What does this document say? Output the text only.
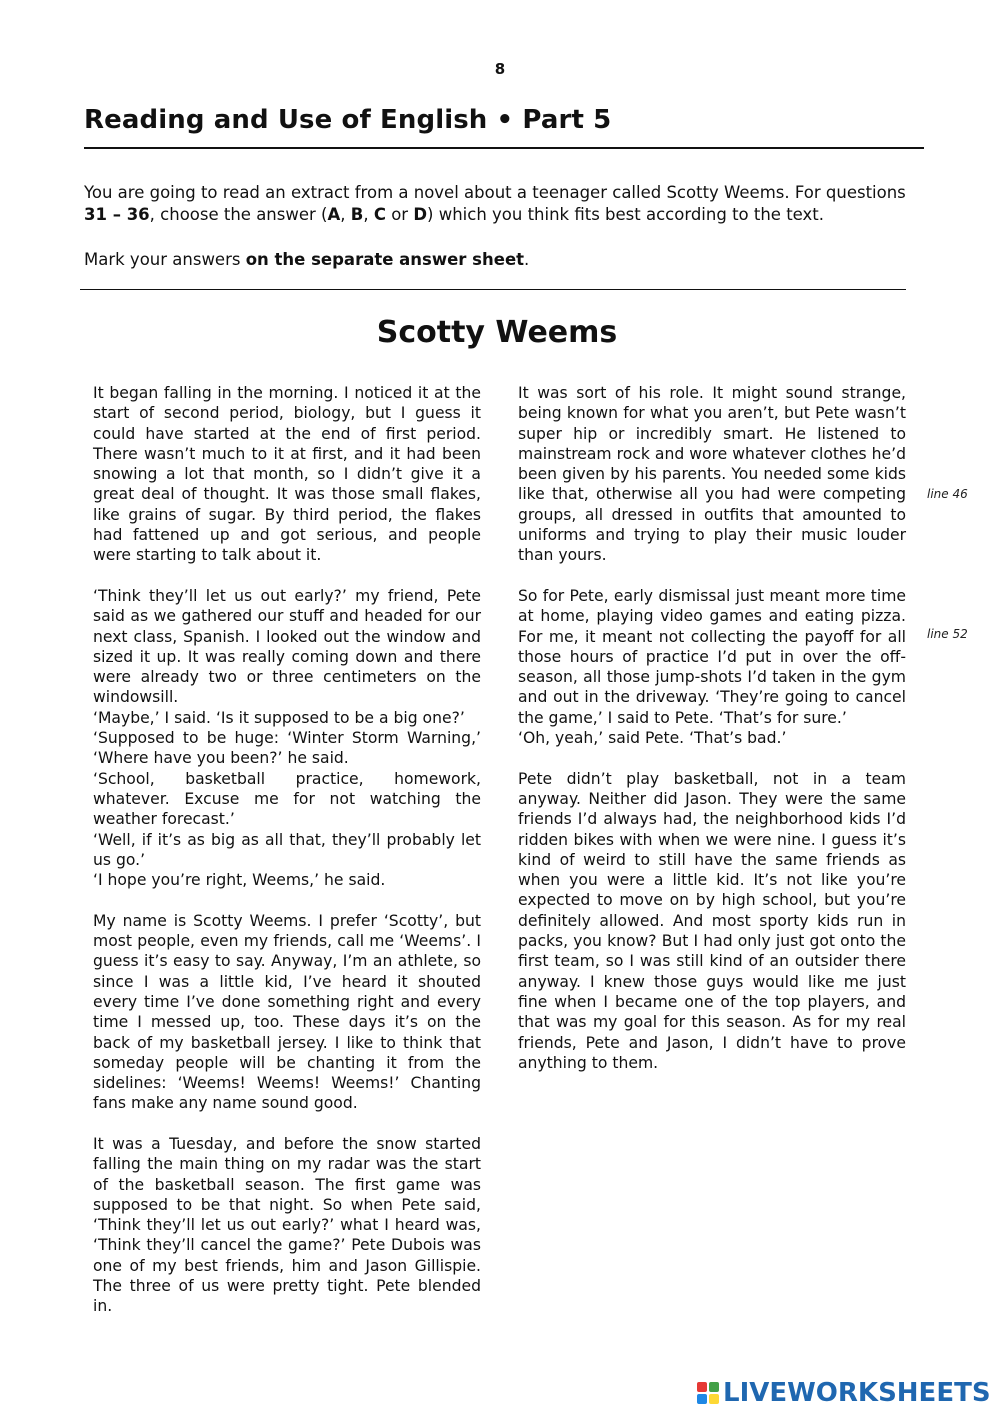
8
Reading and Use of English • Part 5

You are going to read an extract from a novel about a teenager called Scotty Weems. For questions 31 – 36, choose the answer (A, B, C or D) which you think fits best according to the text.

Mark your answers on the separate answer sheet.

Scotty Weems

It began falling in the morning. I noticed it at the start of second period, biology, but I guess it could have started at the end of first period. There wasn’t much to it at first, and it had been snowing a lot that month, so I didn’t give it a great deal of thought. It was those small flakes, like grains of sugar. By third period, the flakes had fattened up and got serious, and people were starting to talk about it.

‘Think they’ll let us out early?’ my friend, Pete said as we gathered our stuff and headed for our next class, Spanish. I looked out the window and sized it up. It was really coming down and there were already two or three centimeters on the windowsill.

‘Maybe,’ I said. ‘Is it supposed to be a big one?’

‘Supposed to be huge: ‘Winter Storm Warning,’ ‘Where have you been?’ he said.

‘School, basketball practice, homework, whatever. Excuse me for not watching the weather forecast.’

‘Well, if it’s as big as all that, they’ll probably let us go.’

‘I hope you’re right, Weems,’ he said.

My name is Scotty Weems. I prefer ‘Scotty’, but most people, even my friends, call me ‘Weems’. I guess it’s easy to say. Anyway, I’m an athlete, so since I was a little kid, I’ve heard it shouted every time I’ve done something right and every time I messed up, too. These days it’s on the back of my basketball jersey. I like to think that someday people will be chanting it from the sidelines: ‘Weems! Weems! Weems!’ Chanting fans make any name sound good.

It was a Tuesday, and before the snow started falling the main thing on my radar was the start of the basketball season. The first game was supposed to be that night. So when Pete said, ‘Think they’ll let us out early?’ what I heard was, ‘Think they’ll cancel the game?’ Pete Dubois was one of my best friends, him and Jason Gillispie. The three of us were pretty tight. Pete blended in.

It was sort of his role. It might sound strange, being known for what you aren’t, but Pete wasn’t super hip or incredibly smart. He listened to mainstream rock and wore whatever clothes he’d been given by his parents. You needed some kids like that, otherwise all you had were competing groups, all dressed in outfits that amounted to uniforms and trying to play their music louder than yours.

So for Pete, early dismissal just meant more time at home, playing video games and eating pizza. For me, it meant not collecting the payoff for all those hours of practice I’d put in over the off-season, all those jump-shots I’d taken in the gym and out in the driveway. ‘They’re going to cancel the game,’ I said to Pete. ‘That’s for sure.’

‘Oh, yeah,’ said Pete. ‘That’s bad.’

Pete didn’t play basketball, not in a team anyway. Neither did Jason. They were the same friends I’d always had, the neighborhood kids I’d ridden bikes with when we were nine. I guess it’s kind of weird to still have the same friends as when you were a little kid. It’s not like you’re expected to move on by high school, but you’re definitely allowed. And most sporty kids run in packs, you know? But I had only just got onto the first team, so I was still kind of an outsider there anyway. I knew those guys would like me just fine when I became one of the top players, and that was my goal for this season. As for my real friends, Pete and Jason, I didn’t have to prove anything to them.

line 46
line 52
LIVEWORKSHEETS
